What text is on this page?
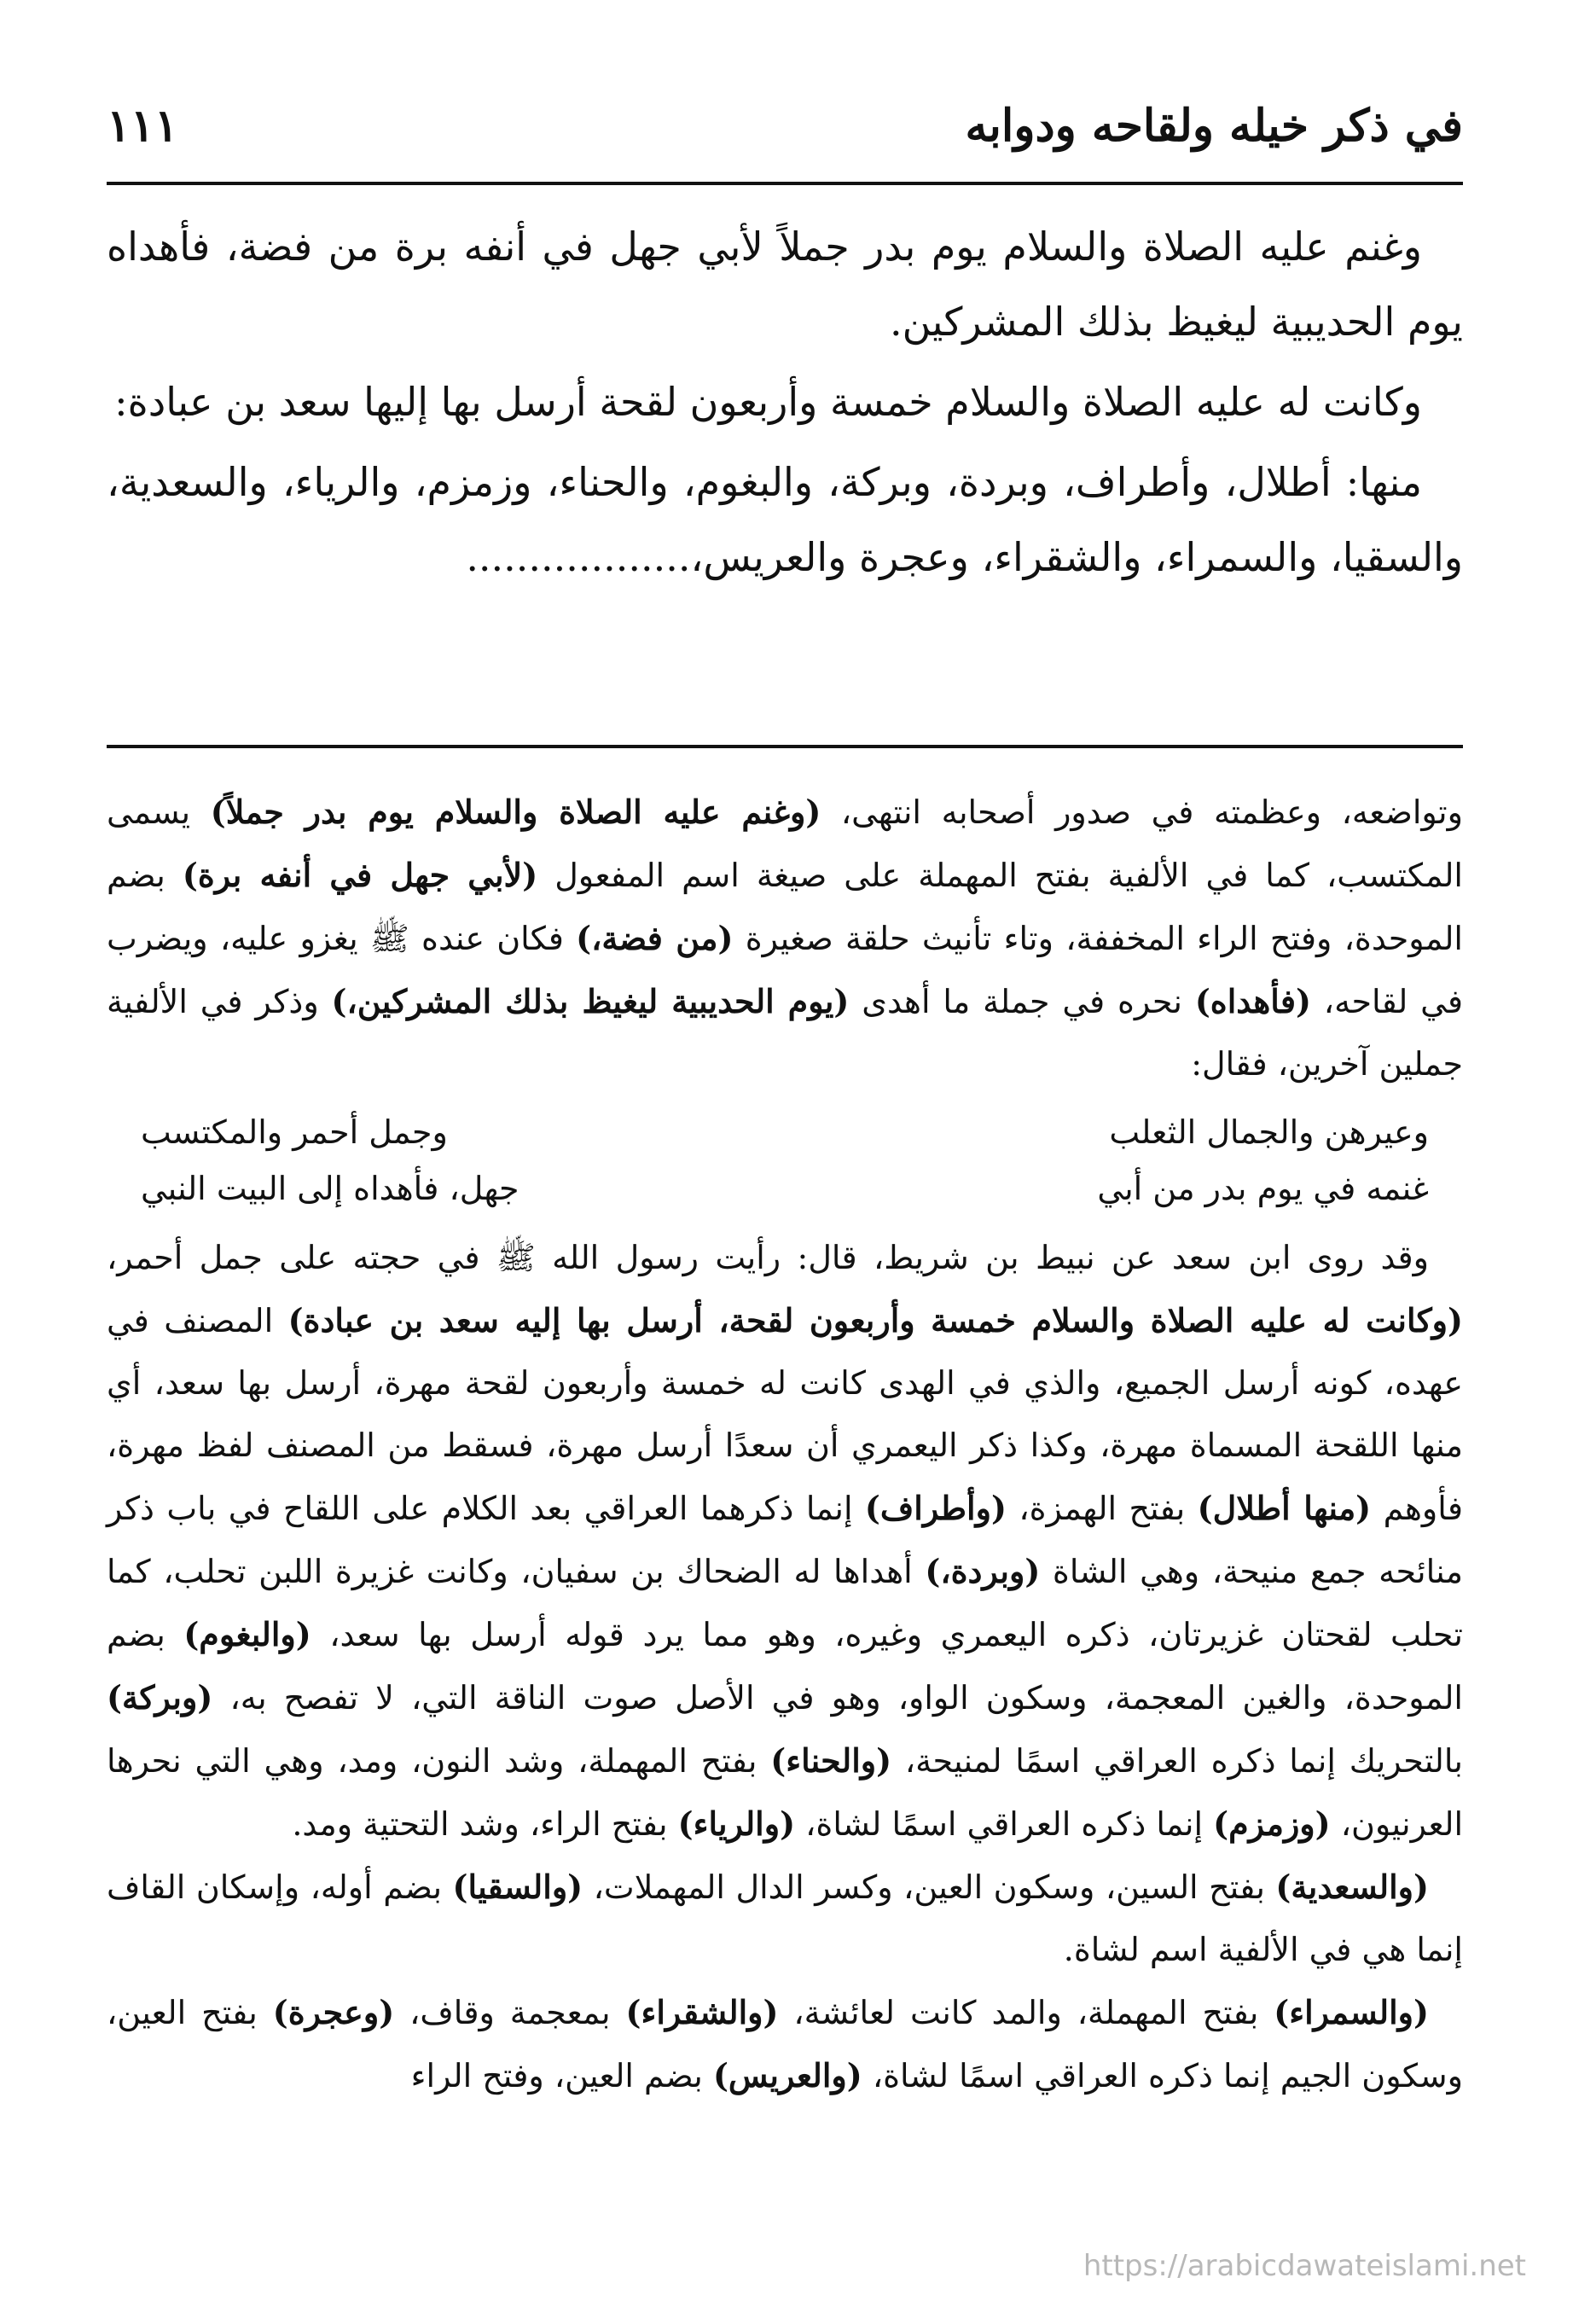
في ذكر خيله ولقاحه ودوابه
١١١

وغنم عليه الصلاة والسلام يوم بدر جملاً لأبي جهل في أنفه برة من فضة، فأهداه يوم الحديبية ليغيظ بذلك المشركين.

وكانت له عليه الصلاة والسلام خمسة وأربعون لقحة أرسل بها إليها سعد بن عبادة:

منها: أطلال، وأطراف، وبردة، وبركة، والبغوم، والحناء، وزمزم، والرياء، والسعدية، والسقيا، والسمراء، والشقراء، وعجرة والعريس،..................

وتواضعه، وعظمته في صدور أصحابه انتهى، (وغنم عليه الصلاة والسلام يوم بدر جملاً) يسمى المكتسب، كما في الألفية بفتح المهملة على صيغة اسم المفعول (لأبي جهل في أنفه برة) بضم الموحدة، وفتح الراء المخففة، وتاء تأنيث حلقة صغيرة (من فضة،) فكان عنده ﷺ يغزو عليه، ويضرب في لقاحه، (فأهداه) نحره في جملة ما أهدى (يوم الحديبية ليغيظ بذلك المشركين،) وذكر في الألفية جملين آخرين، فقال:

وعيرهن والجمال الثعلب
وجمل أحمر والمكتسب
غنمه في يوم بدر من أبي
جهل، فأهداه إلى البيت النبي

وقد روى ابن سعد عن نبيط بن شريط، قال: رأيت رسول الله ﷺ في حجته على جمل أحمر، (وكانت له عليه الصلاة والسلام خمسة وأربعون لقحة، أرسل بها إليه سعد بن عبادة) المصنف في عهده، كونه أرسل الجميع، والذي في الهدى كانت له خمسة وأربعون لقحة مهرة، أرسل بها سعد، أي منها اللقحة المسماة مهرة، وكذا ذكر اليعمري أن سعدًا أرسل مهرة، فسقط من المصنف لفظ مهرة، فأوهم (منها أطلال) بفتح الهمزة، (وأطراف) إنما ذكرهما العراقي بعد الكلام على اللقاح في باب ذكر منائحه جمع منيحة، وهي الشاة (وبردة،) أهداها له الضحاك بن سفيان، وكانت غزيرة اللبن تحلب، كما تحلب لقحتان غزيرتان، ذكره اليعمري وغيره، وهو مما يرد قوله أرسل بها سعد، (والبغوم) بضم الموحدة، والغين المعجمة، وسكون الواو، وهو في الأصل صوت الناقة التي، لا تفصح به، (وبركة) بالتحريك إنما ذكره العراقي اسمًا لمنيحة، (والحناء) بفتح المهملة، وشد النون، ومد، وهي التي نحرها العرنيون، (وزمزم) إنما ذكره العراقي اسمًا لشاة، (والرياء) بفتح الراء، وشد التحتية ومد.

(والسعدية) بفتح السين، وسكون العين، وكسر الدال المهملات، (والسقيا) بضم أوله، وإسكان القاف إنما هي في الألفية اسم لشاة.

(والسمراء) بفتح المهملة، والمد كانت لعائشة، (والشقراء) بمعجمة وقاف، (وعجرة) بفتح العين، وسكون الجيم إنما ذكره العراقي اسمًا لشاة، (والعريس) بضم العين، وفتح الراء

https://arabicdawateislami.net
